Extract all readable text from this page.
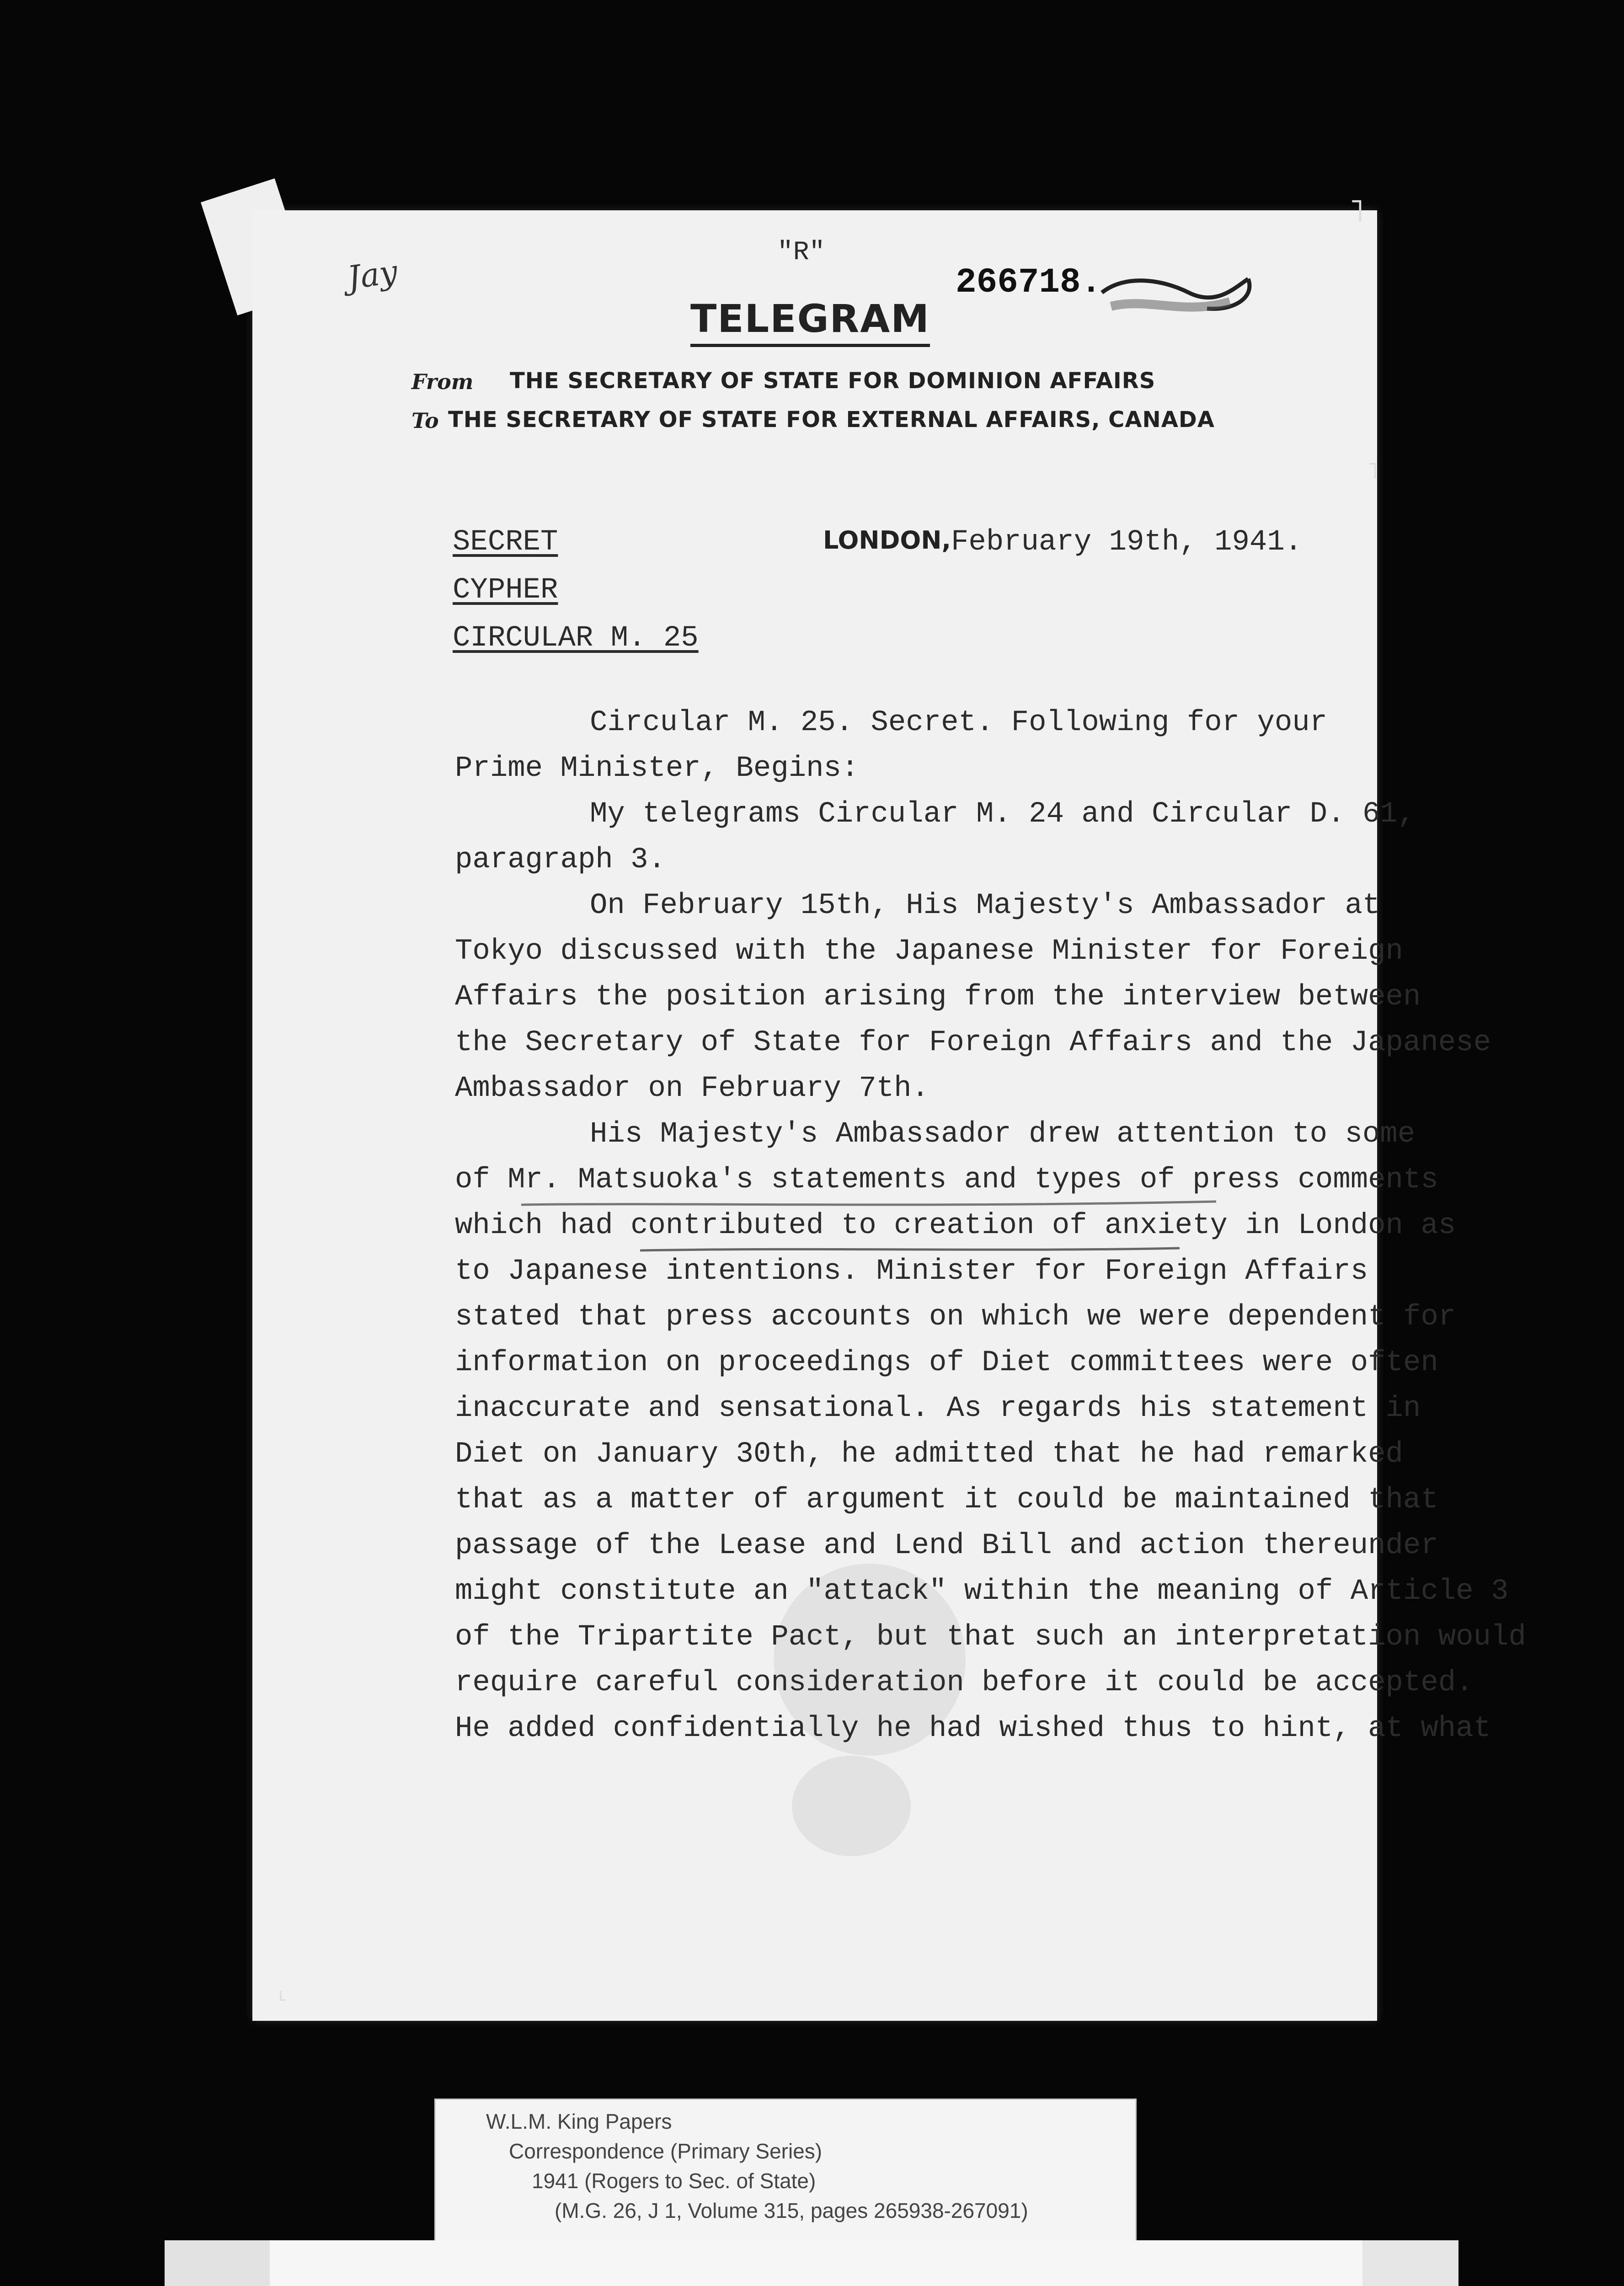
˥
˥
˪
Jay
"R"
266718.
TELEGRAM
From THE SECRETARY OF STATE FOR DOMINION AFFAIRS
To THE SECRETARY OF STATE FOR EXTERNAL AFFAIRS, CANADA
SECRET
CYPHER
CIRCULAR M. 25
LONDON, February 19th, 1941.
Circular M. 25. Secret. Following for your
Prime Minister, Begins:
My telegrams Circular M. 24 and Circular D. 61,
paragraph 3.
On February 15th, His Majesty's Ambassador at
Tokyo discussed with the Japanese Minister for Foreign
Affairs the position arising from the interview between
the Secretary of State for Foreign Affairs and the Japanese
Ambassador on February 7th.
His Majesty's Ambassador drew attention to some
of Mr. Matsuoka's statements and types of press comments
which had contributed to creation of anxiety in London as
to Japanese intentions. Minister for Foreign Affairs
stated that press accounts on which we were dependent for
information on proceedings of Diet committees were often
inaccurate and sensational. As regards his statement in
Diet on January 30th, he admitted that he had remarked
that as a matter of argument it could be maintained that
passage of the Lease and Lend Bill and action thereunder
might constitute an "attack" within the meaning of Article 3
of the Tripartite Pact, but that such an interpretation would
require careful consideration before it could be accepted.
He added confidentially he had wished thus to hint, at what
W.L.M. King Papers
Correspondence (Primary Series)
1941 (Rogers to Sec. of State)
(M.G. 26, J 1, Volume 315, pages 265938-267091)
